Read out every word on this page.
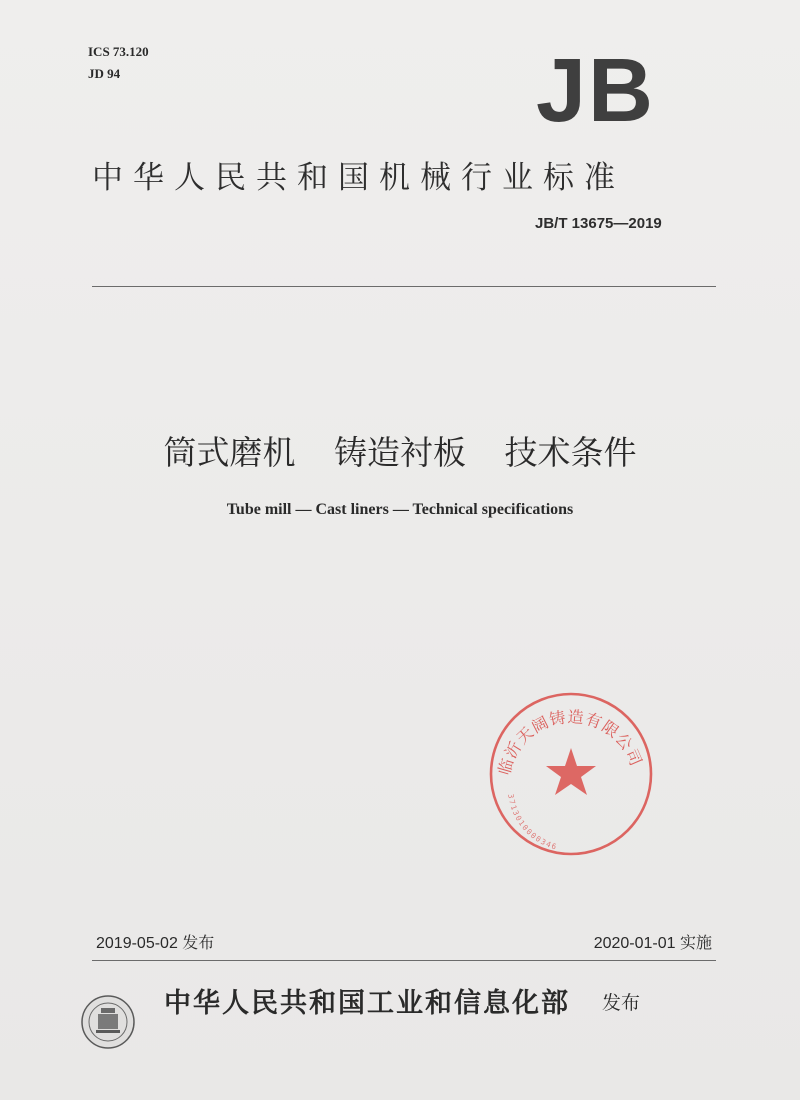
ICS 73.120
JD 94	JB
中华人民共和国机械行业标准
JB/T 13675—2019
筒式磨机 铸造衬板 技术条件
Tube mill — Cast liners — Technical specifications
临沂天阔铸造有限公司
3713010000346
2019-05-02 发布	2020-01-01 实施
中华人民共和国工业和信息化部 发布
